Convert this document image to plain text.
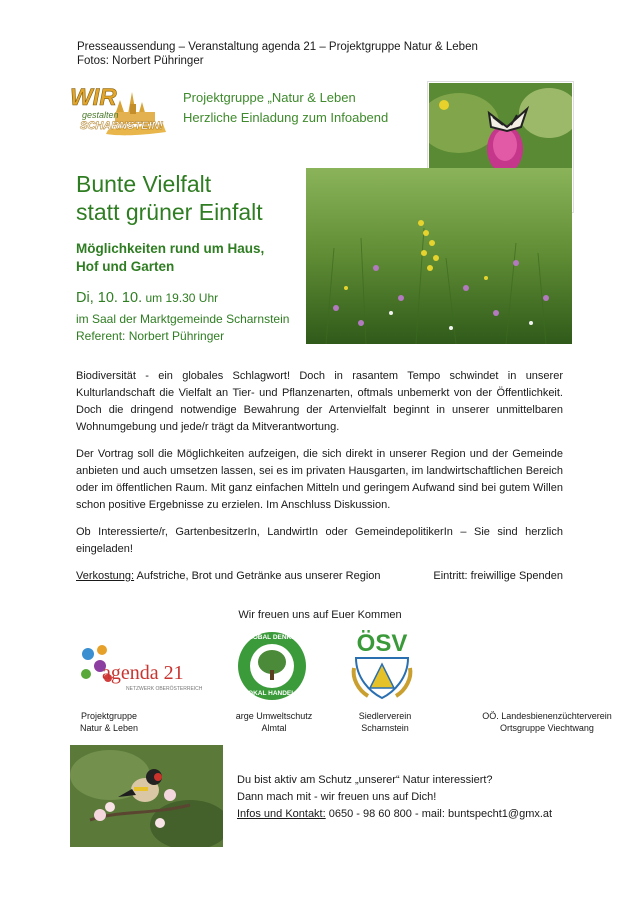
Presseaussendung – Veranstaltung agenda 21 – Projektgruppe Natur & Leben
Fotos: Norbert Pühringer
WIR
gestalten
SCHARNSTEIN!
Projektgruppe „Natur & Leben
Herzliche Einladung zum Infoabend
Bunte Vielfalt
statt grüner Einfalt
Möglichkeiten rund um Haus,
Hof und Garten
Di, 10. 10. um 19.30 Uhr
im Saal der Marktgemeinde Scharnstein
Referent: Norbert Pühringer
Biodiversität - ein globales Schlagwort! Doch in rasantem Tempo schwindet in unserer Kulturlandschaft die Vielfalt an Tier- und Pflanzenarten, oftmals unbemerkt von der Öffentlichkeit. Doch die dringend notwendige Bewahrung der Artenvielfalt beginnt in unserer unmittelbaren Wohnumgebung und jede/r trägt da Mitverantwortung.
Der Vortrag soll die Möglichkeiten aufzeigen, die sich direkt in unserer Region und der Gemeinde anbieten und auch umsetzen lassen, sei es im privaten Hausgarten, im landwirtschaftlichen Bereich oder im öffentlichen Raum. Mit ganz einfachen Mitteln und geringem Aufwand sind bei gutem Willen schon positive Ergebnisse zu erzielen. Im Anschluss Diskussion.
Ob Interessierte/r, GartenbesitzerIn, LandwirtIn oder GemeindepolitikerIn – Sie sind herzlich eingeladen!
Verkostung: Aufstriche, Brot und Getränke aus unserer Region	Eintritt: freiwillige Spenden
Wir freuen uns auf Euer Kommen
agenda 21
NETZWERK OBERÖSTERREICH
GLOBAL DENKEN
LOKAL HANDELN
ÖSV
Projektgruppe
Natur & Leben
arge Umweltschutz
Almtal
Siedlerverein
Scharnstein
OÖ. Landesbienenzüchterverein
Ortsgruppe Viechtwang
Du bist aktiv am Schutz „unserer“ Natur interessiert?
Dann mach mit - wir freuen uns auf Dich!
Infos und Kontakt: 0650 - 98 60 800 - mail: buntspecht1@gmx.at
